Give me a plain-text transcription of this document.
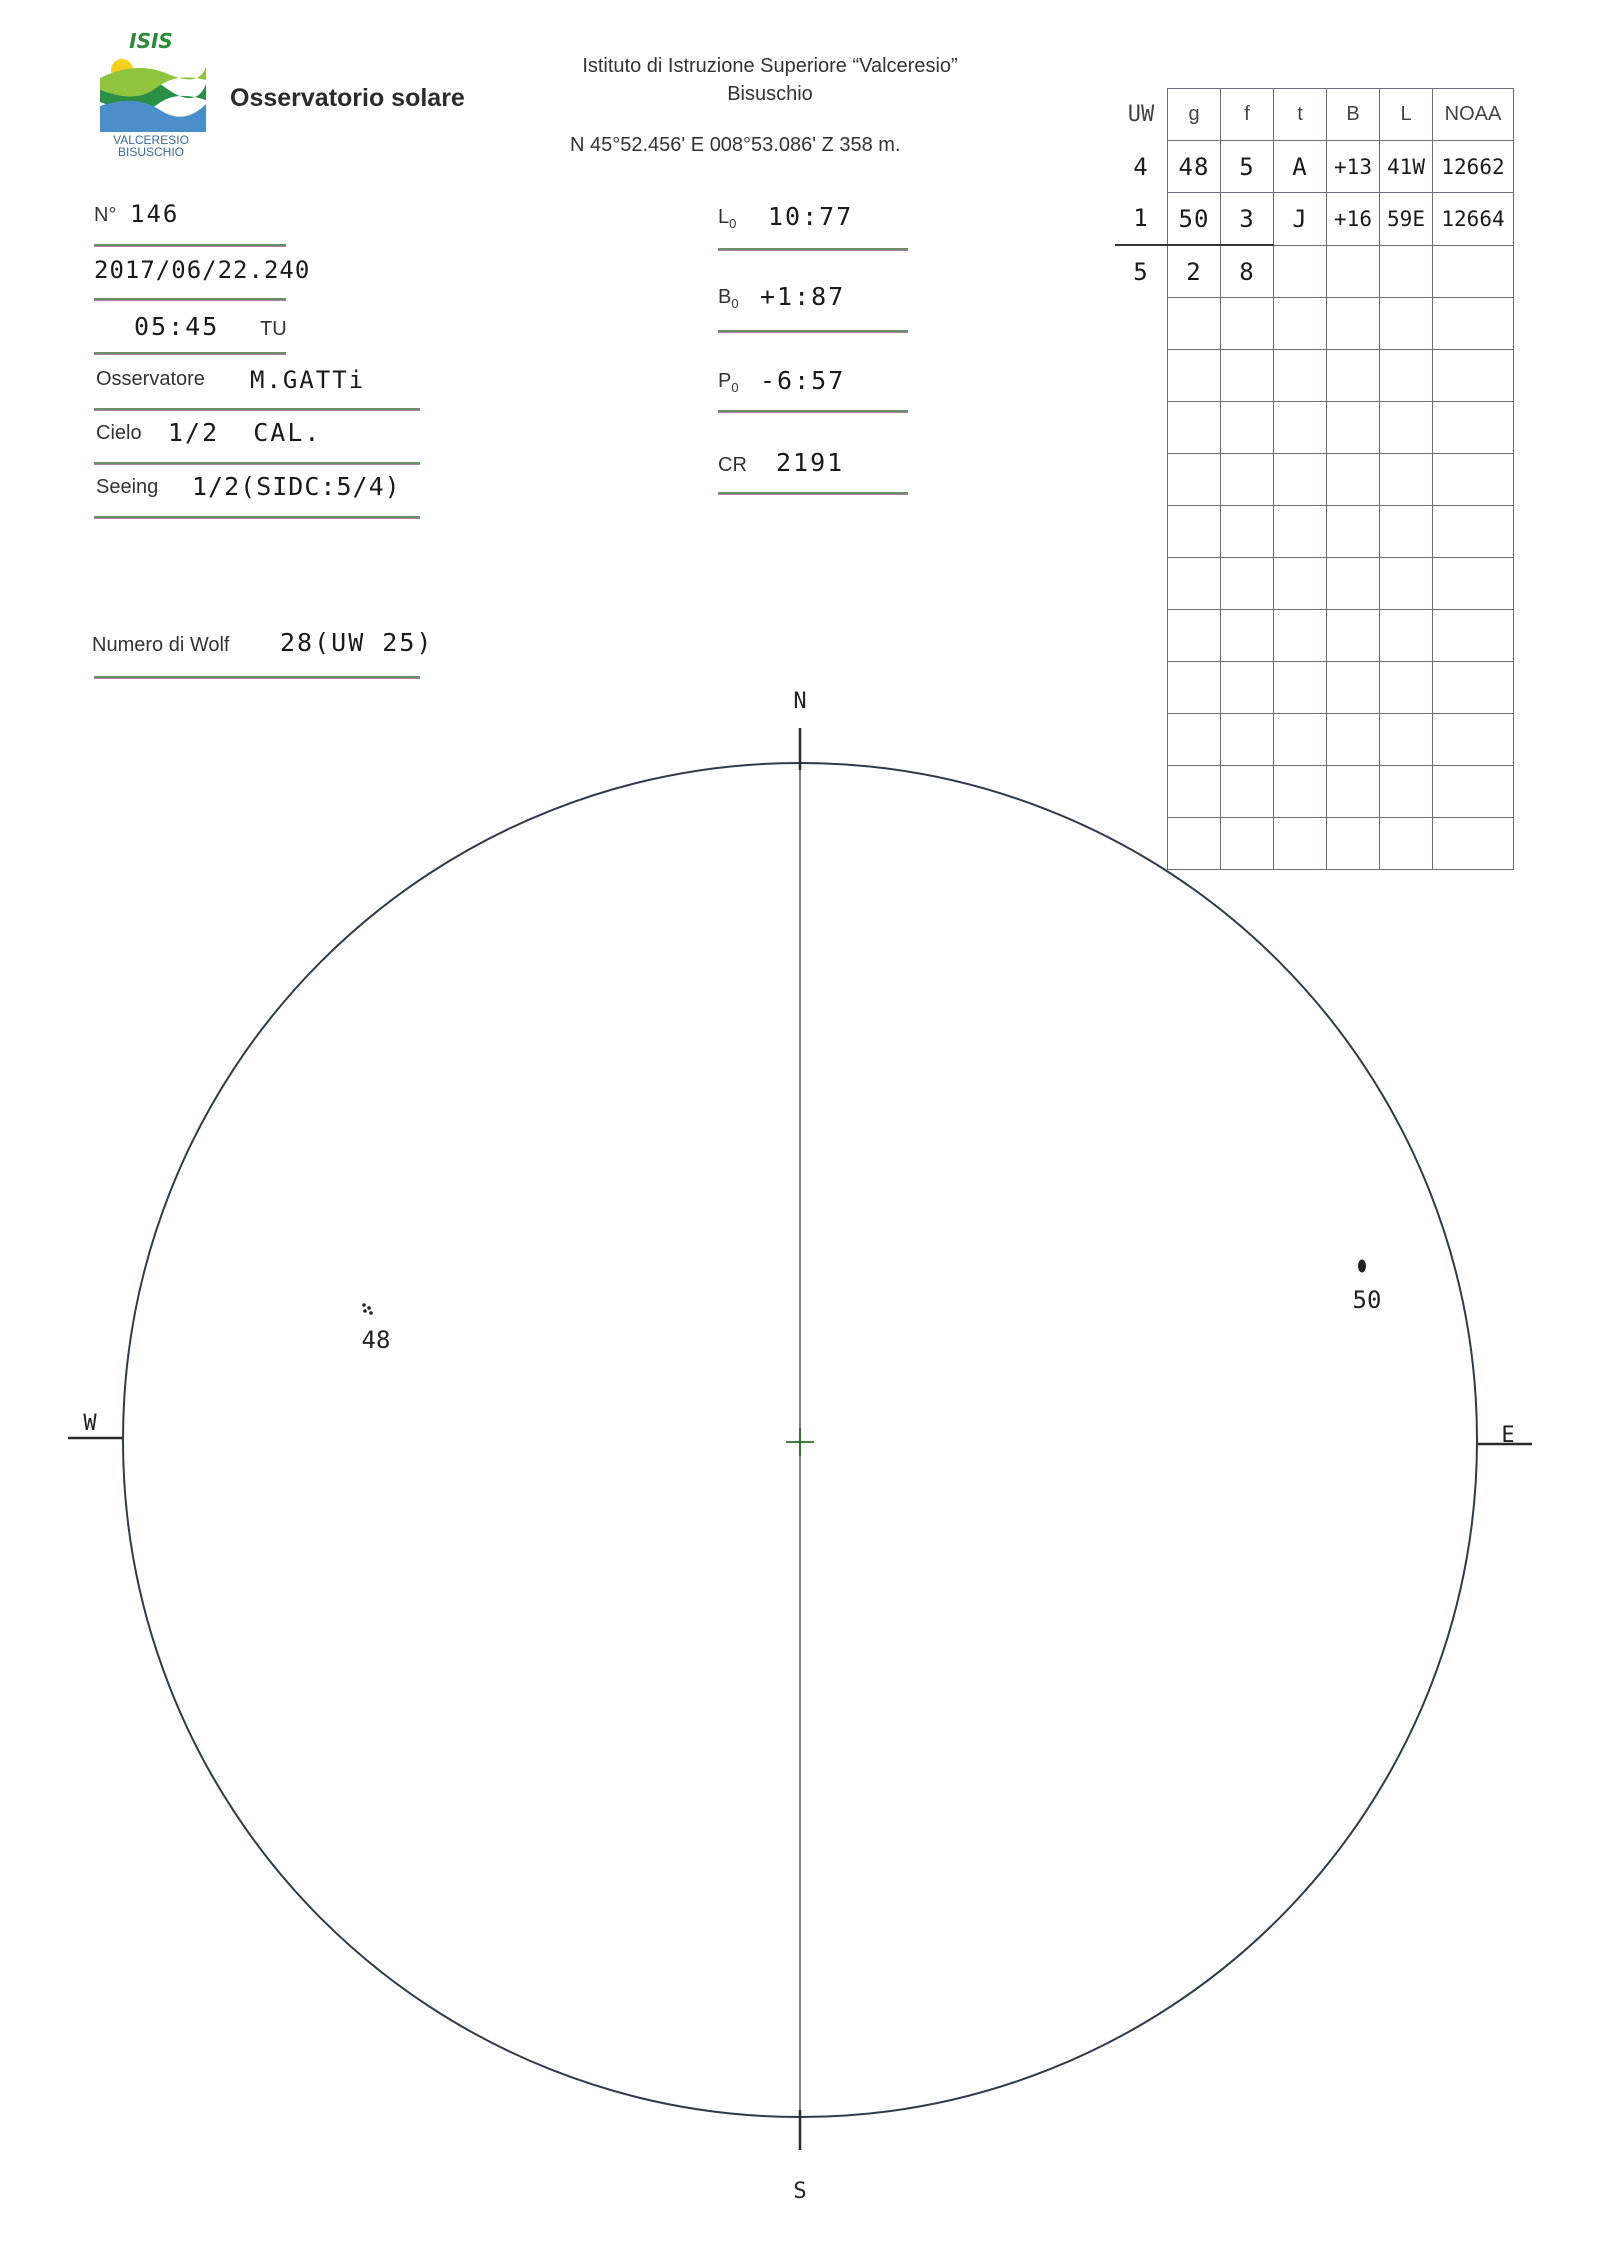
ISIS
VALCERESIO
BISUSCHIO
Osservatorio solare
Istituto di Istruzione Superiore “Valceresio”
Bisuschio
N 45°52.456' E 008°53.086' Z 358 m.
N° 146
2017/06/22.240
05:45 TU
Osservatore M.GATTi
Cielo 1/2  CAL.
Seeing 1/2(SIDC:5/4)
Numero di Wolf 28(UW 25)
$L_0$ 10:77
$B_0$ +1:87
$P_0$ -6:57
CR 2191
UW	g	f	t	B	L	NOAA
4	48	5	A	+13	41W	12662
1	50	3	J	+16	59E	12664
5	2	8				

N
S
W	E
48
50
